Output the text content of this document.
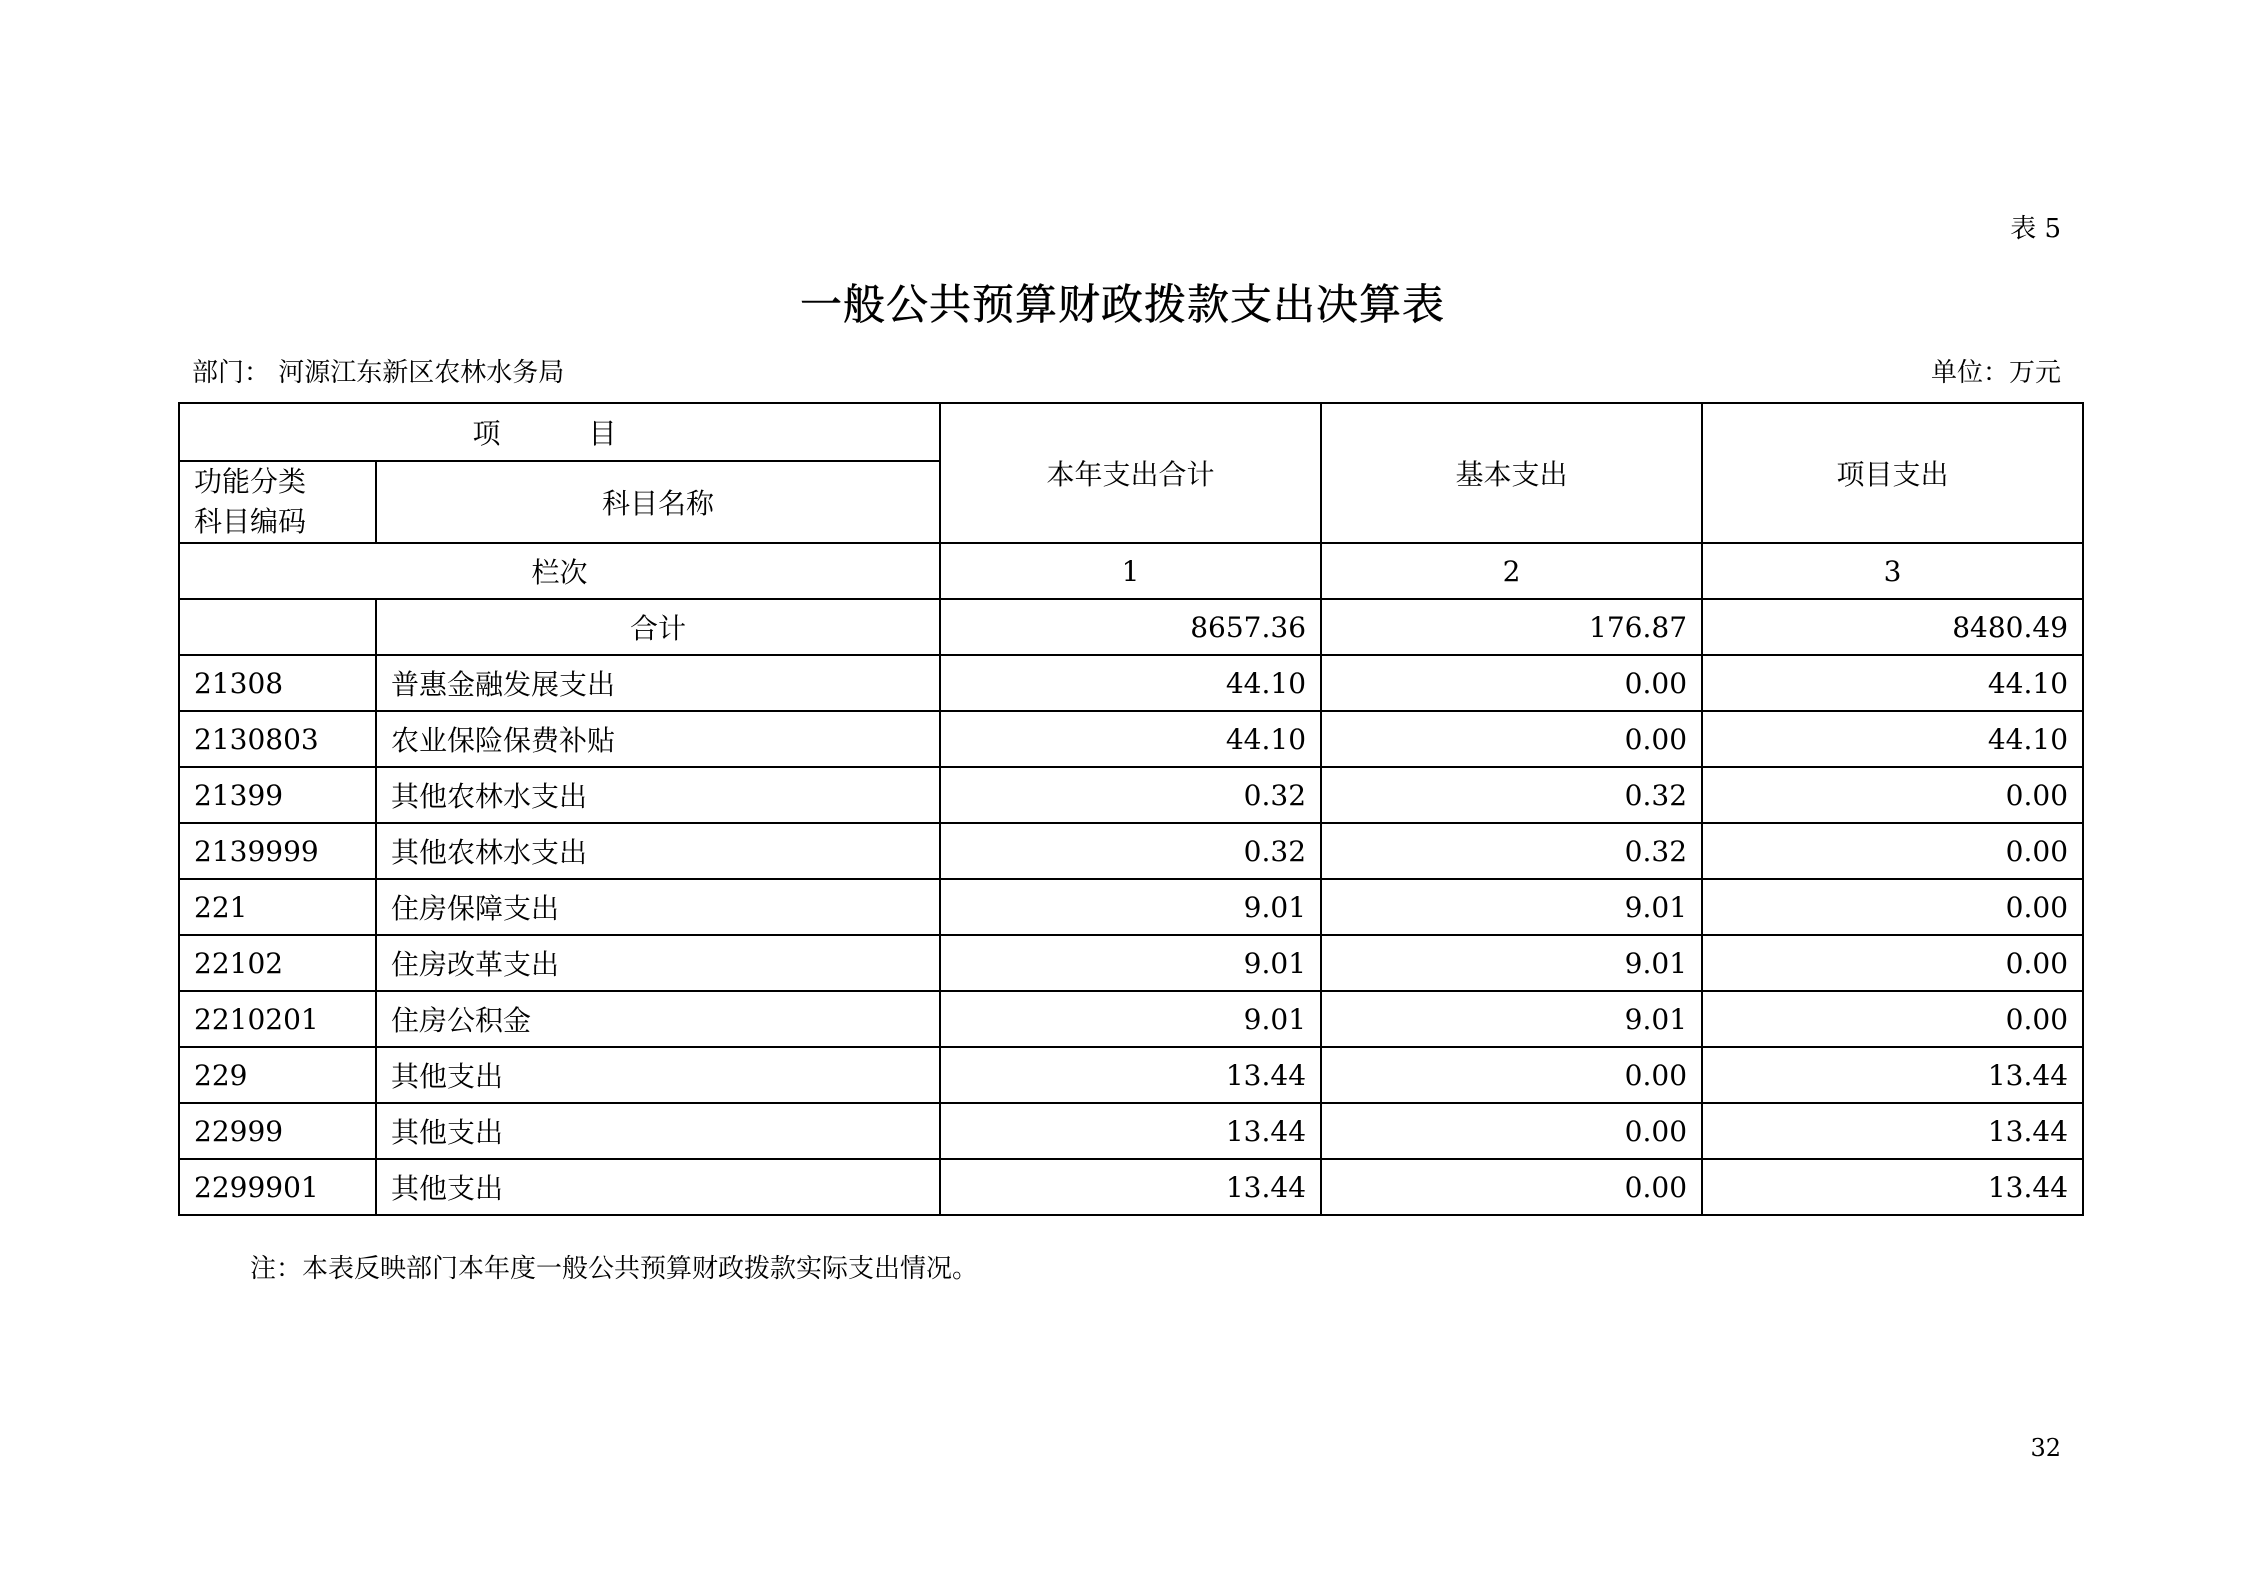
表 5
一般公共预算财政拨款支出决算表
部门： 河源江东新区农林水务局	单位：万元
项　目		本年支出合计	基本支出	项目支出

功能分类
科目编码	科目名称			
栏次		1	2	3
	合计	8657.36	176.87	8480.49
21308	普惠金融发展支出	44.10	0.00	44.10
2130803	农业保险保费补贴	44.10	0.00	44.10
21399	其他农林水支出	0.32	0.32	0.00
2139999	其他农林水支出	0.32	0.32	0.00
221	住房保障支出	9.01	9.01	0.00
22102	住房改革支出	9.01	9.01	0.00
2210201	住房公积金	9.01	9.01	0.00
229	其他支出	13.44	0.00	13.44
22999	其他支出	13.44	0.00	13.44
2299901	其他支出	13.44	0.00	13.44
注：本表反映部门本年度一般公共预算财政拨款实际支出情况。
32
